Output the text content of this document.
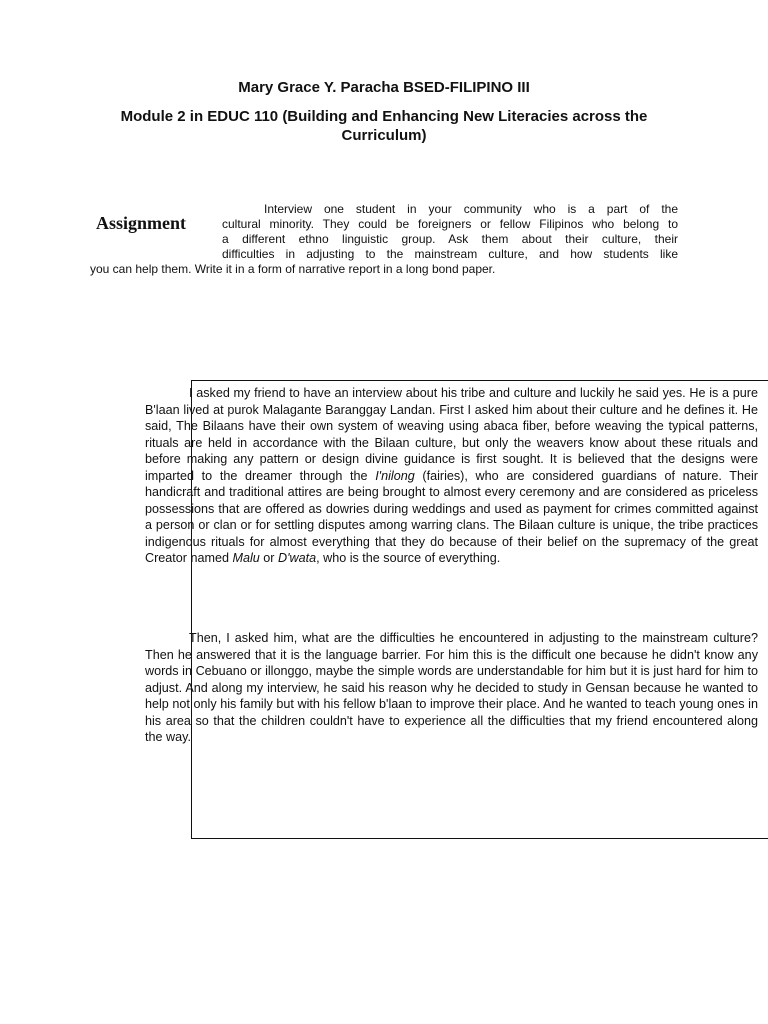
Mary Grace Y. Paracha BSED-FILIPINO III
Module 2 in EDUC 110 (Building and Enhancing New Literacies across the Curriculum)
Assignment
Interview one student in your community who is a part of the
cultural minority. They could be foreigners or fellow Filipinos who belong to
a different ethno linguistic group. Ask them about their culture, their
difficulties in adjusting to the mainstream culture, and how students like
you can help them. Write it in a form of narrative report in a long bond paper.
I asked my friend to have an interview about his tribe and culture and luckily he said yes. He is a pure B'laan lived at purok Malagante Baranggay Landan. First I asked him about their culture and he defines it. He said, The Bilaans have their own system of weaving using abaca fiber, before weaving the typical patterns, rituals are held in accordance with the Bilaan culture, but only the weavers know about these rituals and before making any pattern or design divine guidance is first sought. It is believed that the designs were imparted to the dreamer through the I'nilong (fairies), who are considered guardians of nature. Their handicraft and traditional attires are being brought to almost every ceremony and are considered as priceless possessions that are offered as dowries during weddings and used as payment for crimes committed against a person or clan or for settling disputes among warring clans. The Bilaan culture is unique, the tribe practices indigenous rituals for almost everything that they do because of their belief on the supremacy of the great Creator named Malu or D'wata, who is the source of everything.
Then, I asked him, what are the difficulties he encountered in adjusting to the mainstream culture? Then he answered that it is the language barrier. For him this is the difficult one because he didn't know any words in Cebuano or illonggo, maybe the simple words are understandable for him but it is just hard for him to adjust. And along my interview, he said his reason why he decided to study in Gensan because he wanted to help not only his family but with his fellow b'laan to improve their place. And he wanted to teach young ones in his area so that the children couldn't have to experience all the difficulties that my friend encountered along the way.
